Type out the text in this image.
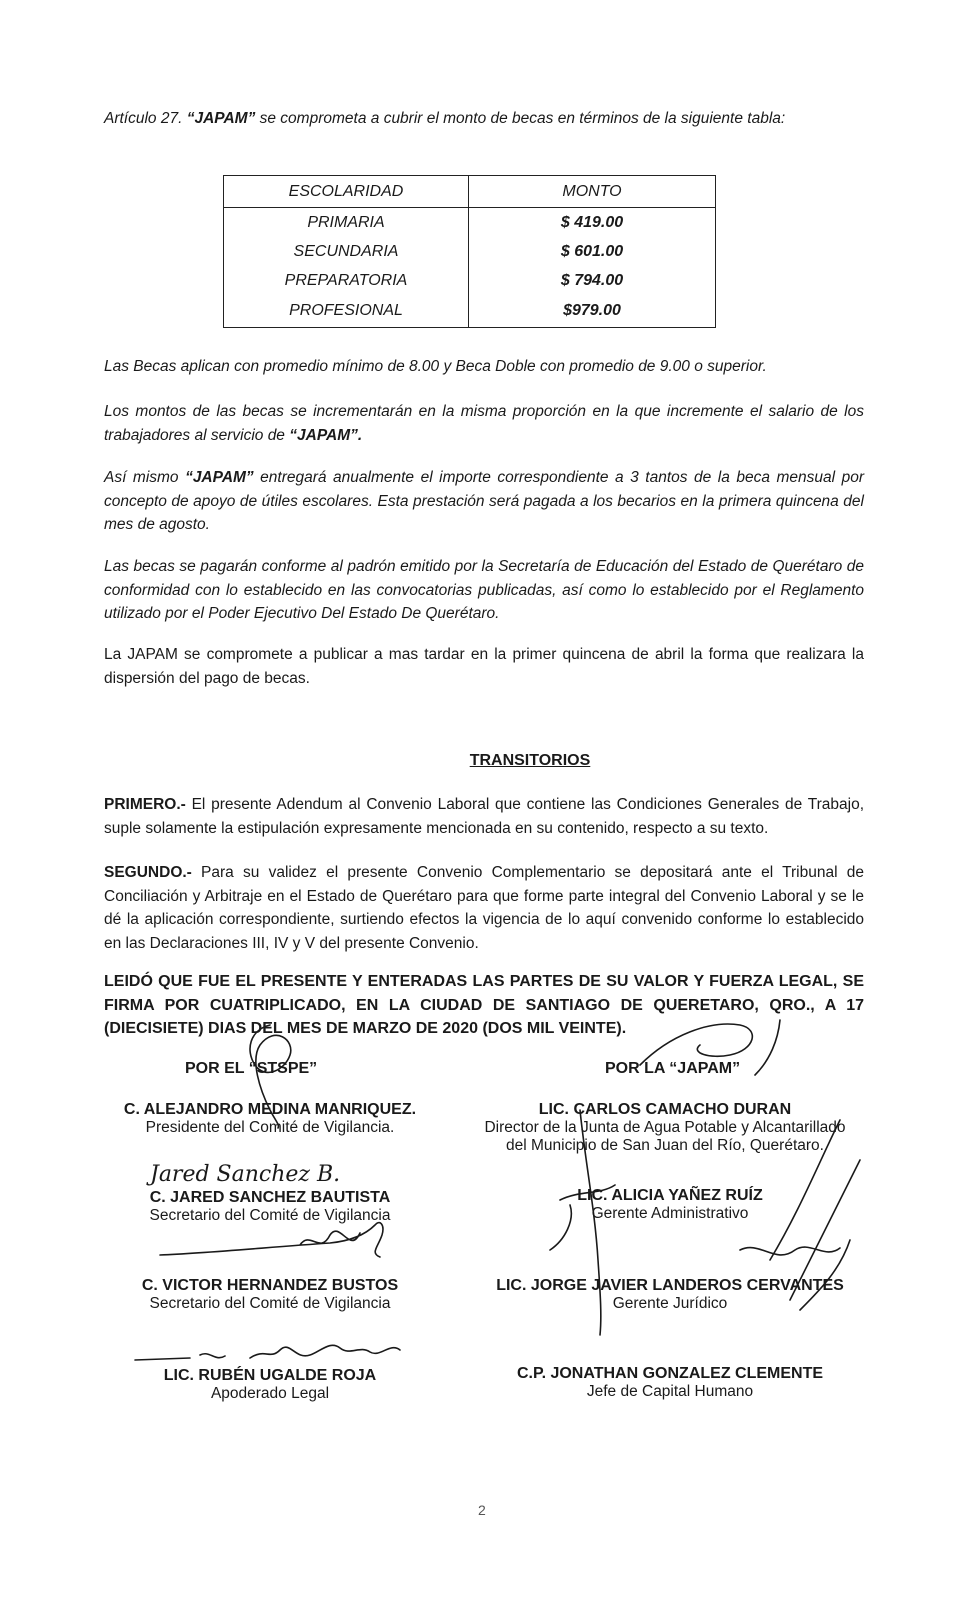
Artículo 27. “JAPAM” se comprometa a cubrir el monto de becas en términos de la siguiente tabla:
ESCOLARIDAD	MONTO
PRIMARIA	$ 419.00
SECUNDARIA	$ 601.00
PREPARATORIA	$ 794.00
PROFESIONAL	$979.00
Las Becas aplican con promedio mínimo de 8.00 y Beca Doble con promedio de 9.00 o superior.
Los montos de las becas se incrementarán en la misma proporción en la que incremente el salario de los trabajadores al servicio de “JAPAM”.
Así mismo “JAPAM” entregará anualmente el importe correspondiente a 3 tantos de la beca mensual por concepto de apoyo de útiles escolares. Esta prestación será pagada a los becarios en la primera quincena del mes de agosto.
Las becas se pagarán conforme al padrón emitido por la Secretaría de Educación del Estado de Querétaro de conformidad con lo establecido en las convocatorias publicadas, así como lo establecido por el Reglamento utilizado por el Poder Ejecutivo Del Estado De Querétaro.
La JAPAM se compromete a publicar a mas tardar en la primer quincena de abril la forma que realizara la dispersión del pago de becas.
TRANSITORIOS
PRIMERO.- El presente Adendum al Convenio Laboral que contiene las Condiciones Generales de Trabajo, suple solamente la estipulación expresamente mencionada en su contenido, respecto a su texto.
SEGUNDO.- Para su validez el presente Convenio Complementario se depositará ante el Tribunal de Conciliación y Arbitraje en el Estado de Querétaro para que forme parte integral del Convenio Laboral y se le dé la aplicación correspondiente, surtiendo efectos la vigencia de lo aquí convenido conforme lo establecido en las Declaraciones III, IV y V del presente Convenio.
LEIDÓ QUE FUE EL PRESENTE Y ENTERADAS LAS PARTES DE SU VALOR Y FUERZA LEGAL, SE FIRMA POR CUATRIPLICADO, EN LA CIUDAD DE SANTIAGO DE QUERETARO, QRO., A 17 (DIECISIETE) DIAS DEL MES DE MARZO DE 2020 (DOS MIL VEINTE).
POR EL “STSPE”	POR LA “JAPAM”
C. ALEJANDRO MEDINA MANRIQUEZ.
Presidente del Comité de Vigilancia.
Jared Sanchez B.
C. JARED SANCHEZ BAUTISTA
Secretario del Comité de Vigilancia
C. VICTOR HERNANDEZ BUSTOS
Secretario del Comité de Vigilancia
LIC. RUBÉN UGALDE ROJA
Apoderado Legal
LIC. CARLOS CAMACHO DURAN
Director de la Junta de Agua Potable y Alcantarillado
del Municipio de San Juan del Río, Querétaro.
LIC. ALICIA YAÑEZ RUÍZ
Gerente Administrativo
LIC. JORGE JAVIER LANDEROS CERVANTES
Gerente Jurídico
C.P. JONATHAN GONZALEZ CLEMENTE
Jefe de Capital Humano
2
